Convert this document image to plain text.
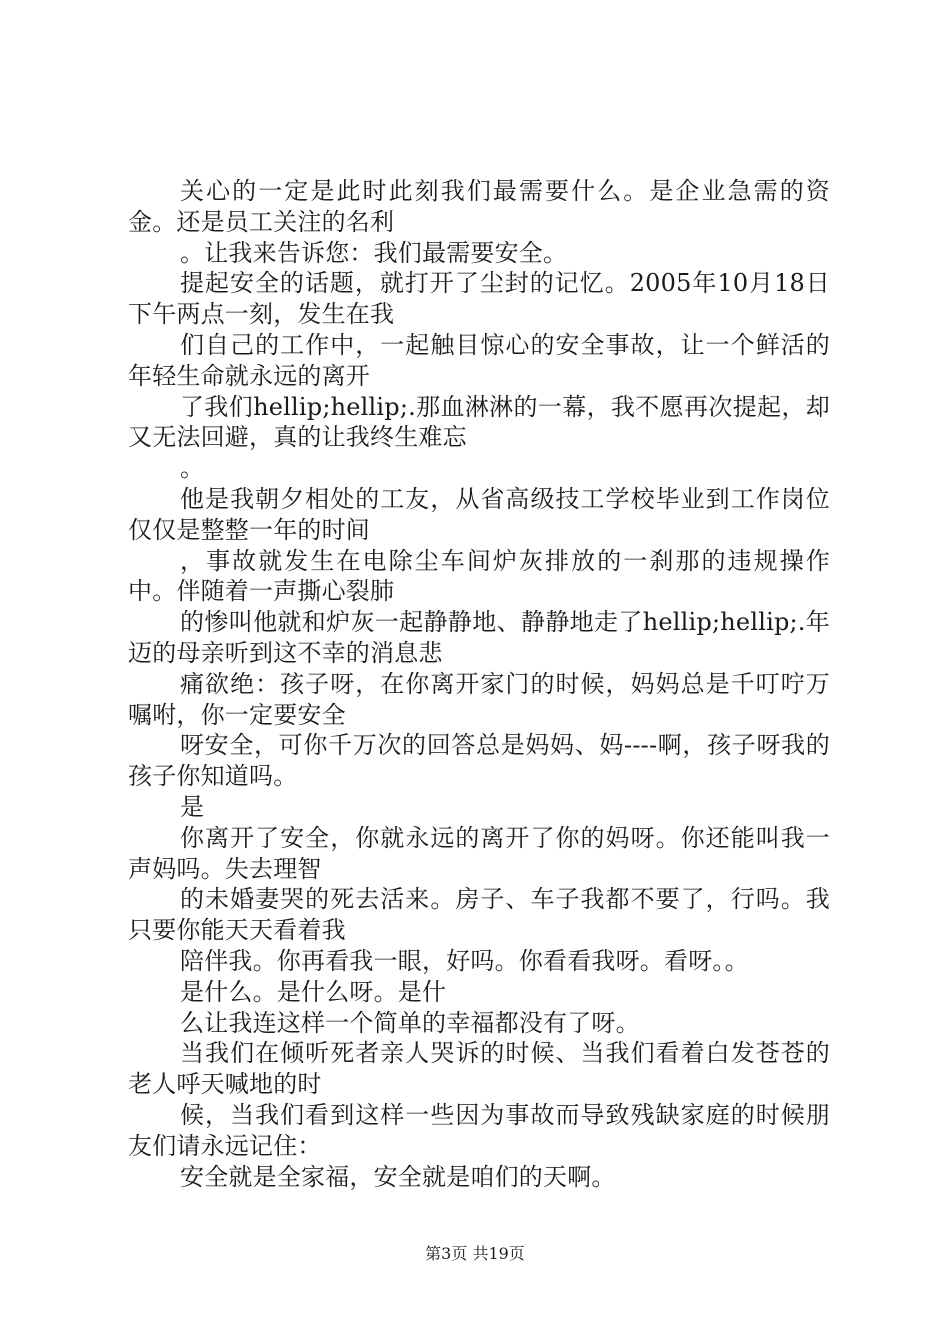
关心的一定是此时此刻我们最需要什么。是企业急需的资金。还是员工关注的名利

。让我来告诉您：我们最需要安全。

提起安全的话题，就打开了尘封的记忆。2005年10月18日下午两点一刻，发生在我

们自己的工作中，一起触目惊心的安全事故，让一个鲜活的年轻生命就永远的离开

了我们hellip;hellip;.那血淋淋的一幕，我不愿再次提起，却又无法回避，真的让我终生难忘

。

他是我朝夕相处的工友，从省高级技工学校毕业到工作岗位仅仅是整整一年的时间

，事故就发生在电除尘车间炉灰排放的一刹那的违规操作中。伴随着一声撕心裂肺

的惨叫他就和炉灰一起静静地、静静地走了hellip;hellip;.年迈的母亲听到这不幸的消息悲

痛欲绝：孩子呀，在你离开家门的时候，妈妈总是千叮咛万嘱咐，你一定要安全

呀安全，可你千万次的回答总是妈妈、妈----啊，孩子呀我的孩子你知道吗。

是

你离开了安全，你就永远的离开了你的妈呀。你还能叫我一声妈吗。失去理智

的未婚妻哭的死去活来。房子、车子我都不要了，行吗。我只要你能天天看着我

陪伴我。你再看我一眼，好吗。你看看我呀。看呀。。

是什么。是什么呀。是什

么让我连这样一个简单的幸福都没有了呀。

当我们在倾听死者亲人哭诉的时候、当我们看着白发苍苍的老人呼天喊地的时

候，当我们看到这样一些因为事故而导致残缺家庭的时候朋友们请永远记住：

安全就是全家福，安全就是咱们的天啊。

第3页 共19页
